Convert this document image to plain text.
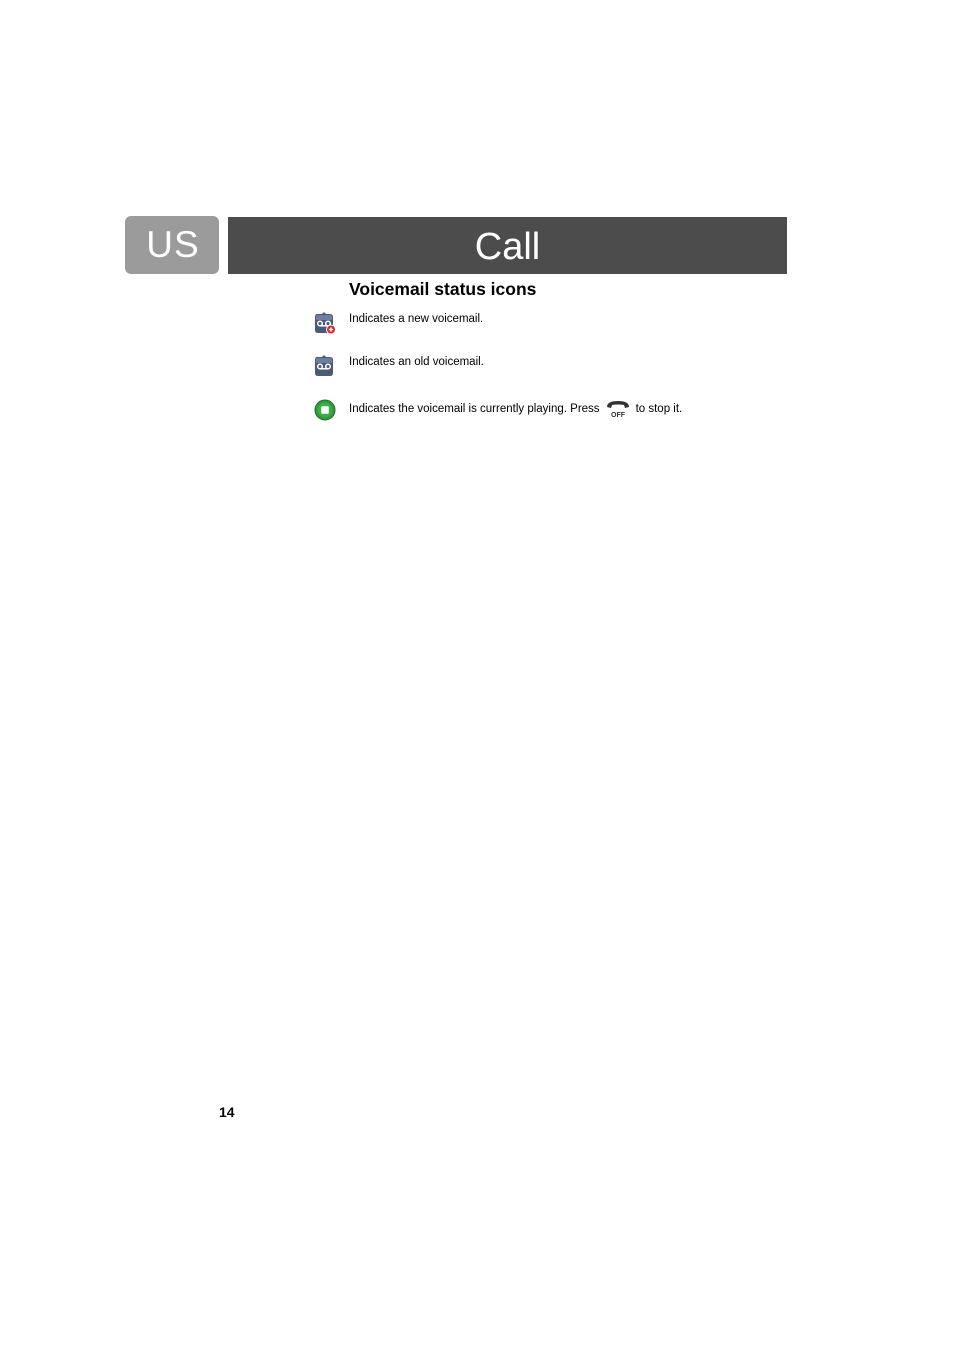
US	Call
Voicemail status icons
Indicates a new voicemail.
Indicates an old voicemail.
Indicates the voicemail is currently playing. Press
OFF
to stop it.
14
